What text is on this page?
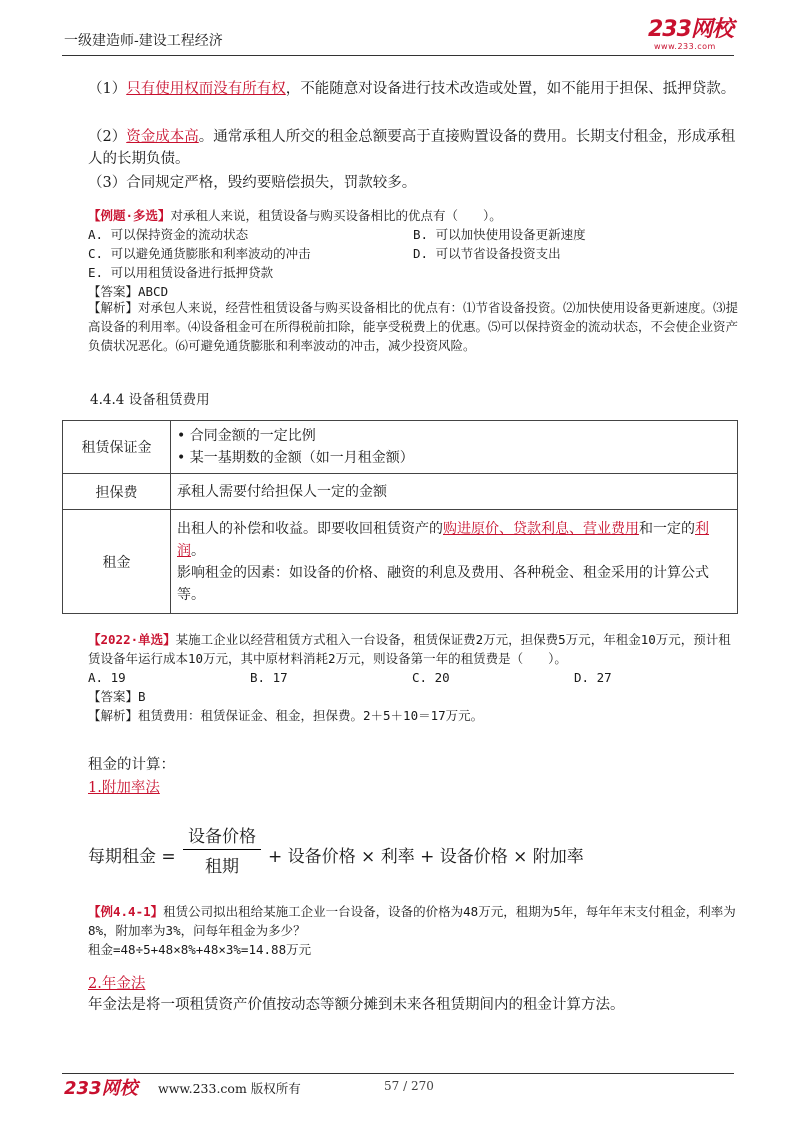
一级建造师-建设工程经济	233网校
www.233.com
（1）只有使用权而没有所有权，不能随意对设备进行技术改造或处置，如不能用于担保、抵押贷款。
（2）资金成本高。通常承租人所交的租金总额要高于直接购置设备的费用。长期支付租金，形成承租人的长期负债。
（3）合同规定严格，毁约要赔偿损失，罚款较多。
【例题·多选】对承租人来说，租赁设备与购买设备相比的优点有（　　）。
A. 可以保持资金的流动状态	B. 可以加快使用设备更新速度
C. 可以避免通货膨胀和利率波动的冲击	D. 可以节省设备投资支出
E. 可以用租赁设备进行抵押贷款
【答案】ABCD
【解析】对承包人来说，经营性租赁设备与购买设备相比的优点有：⑴节省设备投资。⑵加快使用设备更新速度。⑶提高设备的利用率。⑷设备租金可在所得税前扣除，能享受税费上的优惠。⑸可以保持资金的流动状态，不会使企业资产负债状况恶化。⑹可避免通货膨胀和利率波动的冲击，减少投资风险。
4.4.4 设备租赁费用
租赁保证金	• 合同金额的一定比例
• 某一基期数的金额（如一月租金额）

担保费	承租人需要付给担保人一定的金额
租金	出租人的补偿和收益。即要收回租赁资产的购进原价、贷款利息、营业费用和一定的利润。
影响租金的因素：如设备的价格、融资的利息及费用、各种税金、租金采用的计算公式等。
【2022·单选】某施工企业以经营租赁方式租入一台设备，租赁保证费2万元，担保费5万元，年租金10万元，预计租赁设备年运行成本10万元，其中原材料消耗2万元，则设备第一年的租赁费是（　　）。
A. 19	B. 17	C. 20	D. 27
【答案】B
【解析】租赁费用：租赁保证金、租金，担保费。2＋5＋10＝17万元。
租金的计算：
1.附加率法
每期租金 =
设备价格
租期	+ 设备价格 × 利率 + 设备价格 × 附加率
【例4.4-1】租赁公司拟出租给某施工企业一台设备，设备的价格为48万元，租期为5年，每年年末支付租金，利率为8%，附加率为3%，问每年租金为多少？
租金=48÷5+48×8%+48×3%=14.88万元
2.年金法
年金法是将一项租赁资产价值按动态等额分摊到未来各租赁期间内的租金计算方法。
233网校 www.233.com 版权所有	57 / 270
